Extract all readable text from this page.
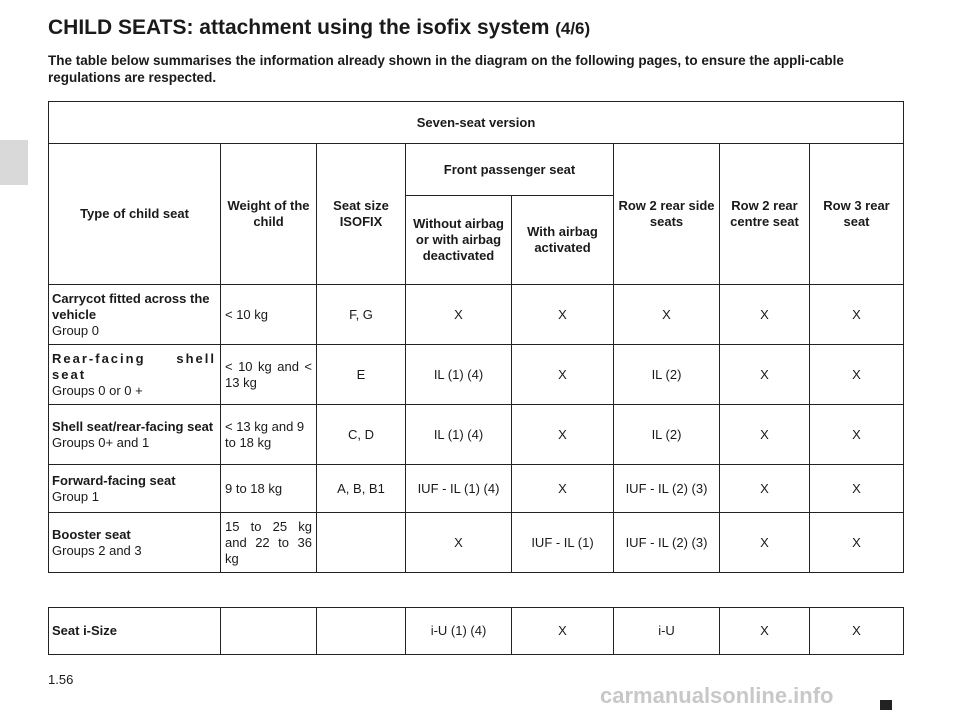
CHILD SEATS: attachment using the isofix system (4/6)

The table below summarises the information already shown in the diagram on the following pages, to ensure the appli-cable regulations are respected.

Seven-seat version							
Type of child seat	Weight of the child	Seat size ISOFIX	Front passenger seat		Row 2 rear side seats	Row 2 rear centre seat	Row 3 rear seat
			Without airbag or with airbag deactivated	With airbag activated			

Carrycot fitted across the vehicle
Group 0	< 10 kg	F, G	X	X	X	X	X

Rear-facing shell seat
Groups 0 or 0 +	< 10 kg and < 13 kg	E	IL (1) (4)	X	IL (2)	X	X

Shell seat/rear-facing seat
Groups 0+ and 1	< 13 kg and 9 to 18 kg	C, D	IL (1) (4)	X	IL (2)	X	X

Forward-facing seat
Group 1	9 to 18 kg	A, B, B1	IUF - IL (1) (4)	X	IUF - IL (2) (3)	X	X

Booster seat
Groups 2 and 3	15 to 25 kg and 22 to 36 kg		X	IUF - IL (1)	IUF - IL (2) (3)	X	X
Seat i-Size			i-U (1) (4)	X	i-U	X	X
1.56
carmanualsonline.info
